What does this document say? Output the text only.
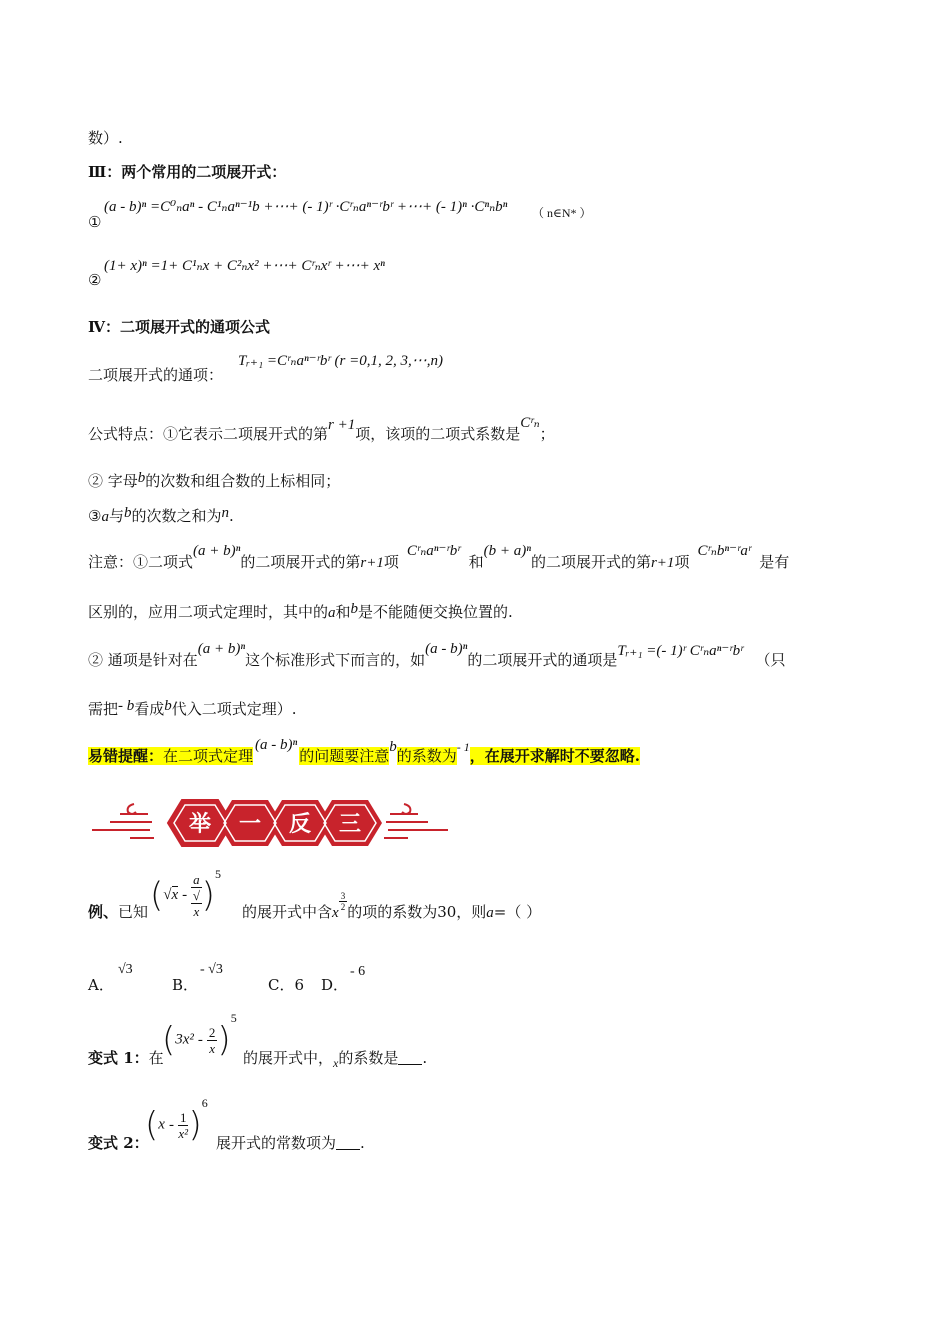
数）.
Ⅲ：两个常用的二项展开式：
①
(a - b)ⁿ =C⁰ₙaⁿ - C¹ₙaⁿ⁻¹b +⋯+ (- 1)ʳ ·Cʳₙaⁿ⁻ʳbʳ +⋯+ (- 1)ⁿ ·Cⁿₙbⁿ （ n∈N* ）
②
(1+ x)ⁿ =1+ C¹ₙx + C²ₙx² +⋯+ Cʳₙxʳ +⋯+ xⁿ
Ⅳ：二项展开式的通项公式
二项展开式的通项：
Tᵣ₊₁ =Cʳₙaⁿ⁻ʳbʳ (r =0,1, 2, 3,⋯,n)
公式特点：①它表示二项展开式的第r +1项，该项的二项式系数是Cʳₙ；
② 字母b的次数和组合数的上标相同；
③a与b的次数之和为n.
注意：①二项式(a + b)ⁿ的二项展开式的第r+1项Cʳₙaⁿ⁻ʳbʳ和(b + a)ⁿ的二项展开式的第r+1项Cʳₙbⁿ⁻ʳaʳ是有
区别的，应用二项式定理时，其中的a和b是不能随便交换位置的.
② 通项是针对在(a + b)ⁿ这个标准形式下而言的，如(a - b)ⁿ的二项展开式的通项是Tᵣ₊₁ =(- 1)ʳ Cʳₙaⁿ⁻ʳbʳ （只
需把- b看成b代入二项式定理）.
易错提醒：在二项式定理(a - b)ⁿ的问题要注意b的系数为$^{- 1}$，在展开求解时不要忽略.
举 一 反 三
例、已知 (√x - a
√
x )$^5$
的展开式中含x
$\frac{3}{2}$
的项的系数为30，则a=（ ）
A．
√3
B．
- √3
C．6 D．
- 6
变式 1：在
$(3x^2 - \frac{2}{x} )^5$
的展开式中，$_x$的系数是 .
变式 2：
$(x - \frac{1}{\text{x²}} )^6$
展开式的常数项为 .
